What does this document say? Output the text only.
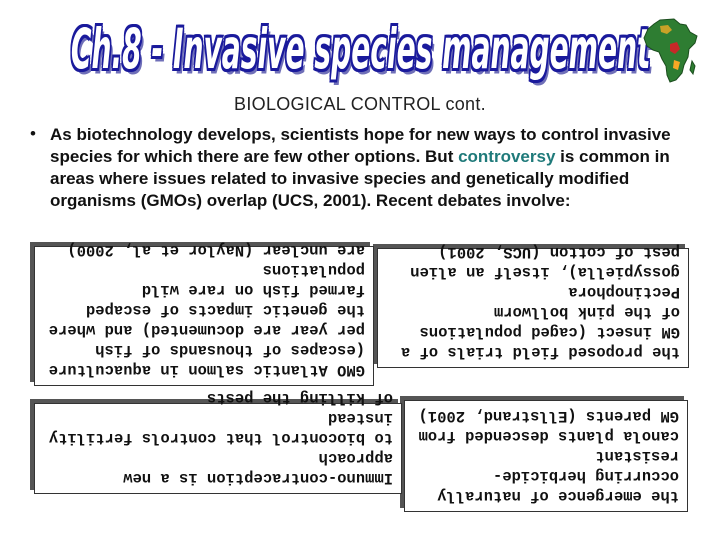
Ch.8 - Invasive species management
BIOLOGICAL CONTROL cont.
• As biotechnology develops, scientists hope for new ways to control invasive species for which there are few other options. But controversy is common in areas where issues related to invasive species and genetically modified organisms (GMOs) overlap (UCS, 2001). Recent debates involve:
the emergence of naturally
occurring herbicide-resistant
canola plants descended from
GM parents (Ellstrand, 2001)
Immuno-contraception is a new approach
to biocontrol that controls fertility instead
of killing the pests
the proposed field trials of a
GM insect (caged populations
of the pink bollworm Pectinophora
gossypiella), itself an alien
pest of cotton (UCS, 2001)
GMO Atlantic salmon in aquaculture
(escapes of thousands of fish
per year are documented) and where
the genetic impacts of escaped
farmed fish on rare wild populations
are unclear (Naylor et al, 2000)
